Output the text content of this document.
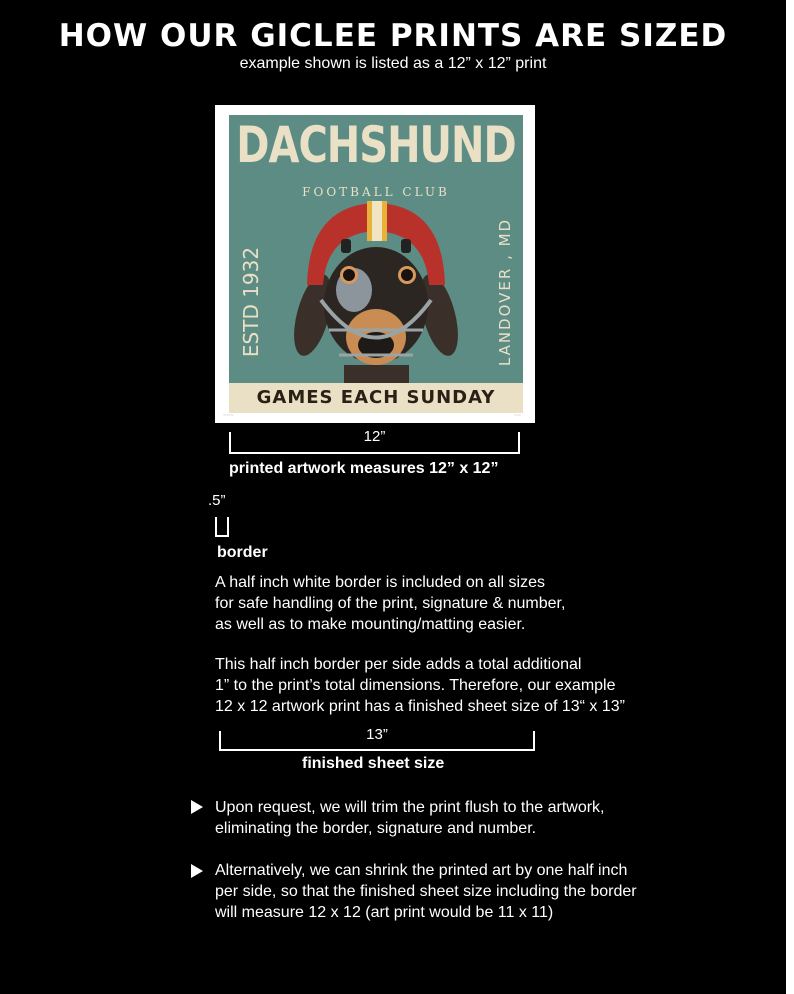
HOW OUR GICLEE PRINTS ARE SIZED
example shown is listed as a 12” x 12” print
DACHSHUND
FOOTBALL CLUB
ESTD 1932	LANDOVER , MD
GAMES EACH SUNDAY
~~~	~~
12”
printed artwork measures 12” x 12”
.5”
border
A half inch white border is included on all sizes
for safe handling of the print, signature & number,
as well as to make mounting/matting easier.
This half inch border per side adds a total additional
1” to the print’s total dimensions. Therefore, our example
12 x 12 artwork print has a finished sheet size of 13“ x 13”
13”
finished sheet size
Upon request, we will trim the print flush to the artwork,
eliminating the border, signature and number.
Alternatively, we can shrink the printed art by one half inch
per side, so that the finished sheet size including the border
will measure 12 x 12 (art print would be 11 x 11)
